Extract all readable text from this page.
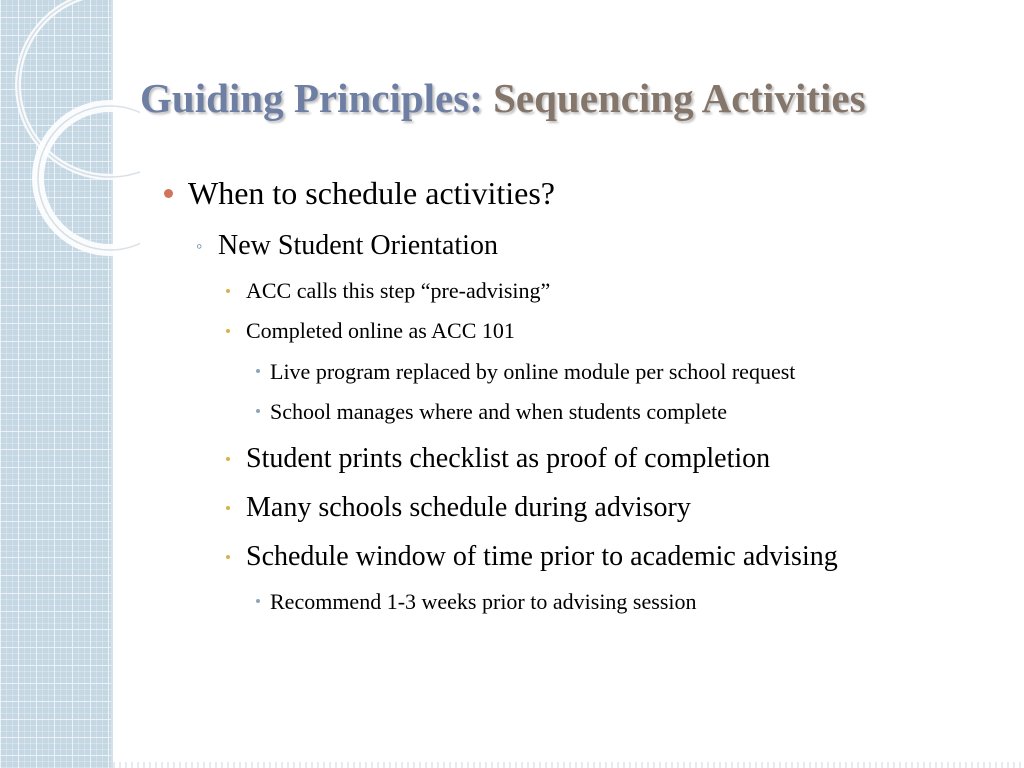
Guiding Principles: Sequencing Activities
When to schedule activities?
◦ New Student Orientation
ACC calls this step “pre-advising”
Completed online as ACC 101
Live program replaced by online module per school request
School manages where and when students complete
Student prints checklist as proof of completion
Many schools schedule during advisory
Schedule window of time prior to academic advising
Recommend 1-3 weeks prior to advising session
